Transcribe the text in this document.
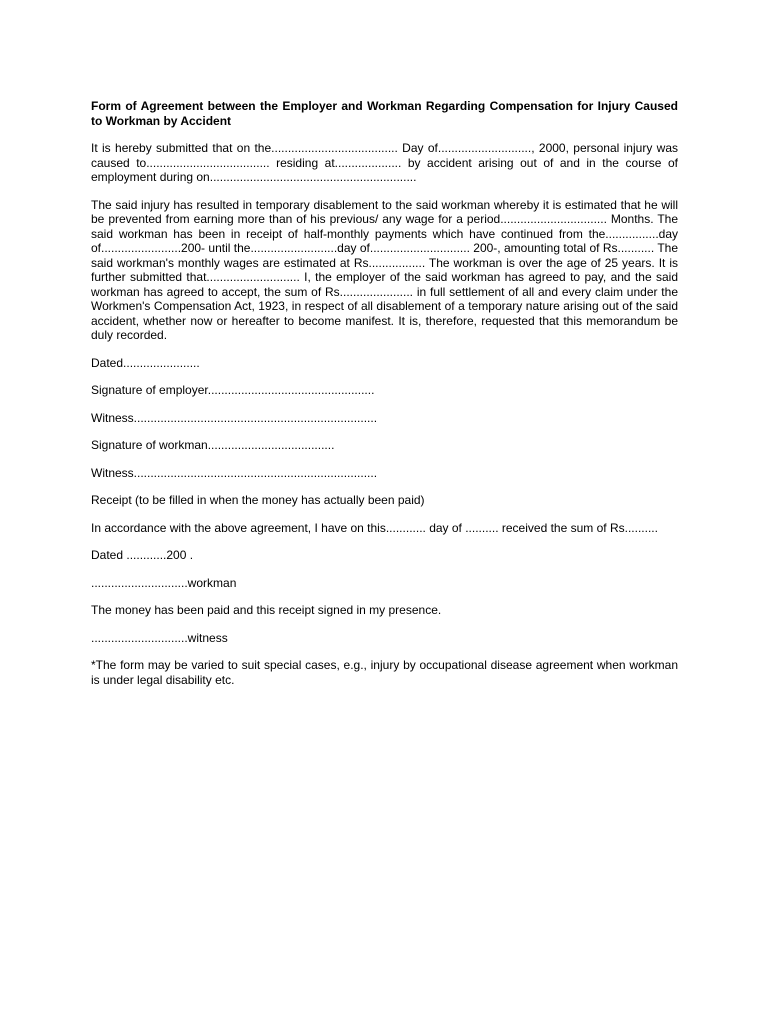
Form of Agreement between the Employer and Workman Regarding Compensation for Injury Caused to Workman by Accident

It is hereby submitted that on the...................................... Day of............................, 2000, personal injury was caused to..................................... residing at.................... by accident arising out of and in the course of employment during on..............................................................

The said injury has resulted in temporary disablement to the said workman whereby it is estimated that he will be prevented from earning more than of his previous/ any wage for a period................................ Months. The said workman has been in receipt of half-monthly payments which have continued from the................day of........................200- until the..........................day of.............................. 200-, amounting total of Rs........... The said workman's monthly wages are estimated at Rs................. The workman is over the age of 25 years. It is further submitted that............................ I, the employer of the said workman has agreed to pay, and the said workman has agreed to accept, the sum of Rs...................... in full settlement of all and every claim under the Workmen's Compensation Act, 1923, in respect of all disablement of a temporary nature arising out of the said accident, whether now or hereafter to become manifest. It is, therefore, requested that this memorandum be duly recorded.

Dated.......................
Signature of employer..................................................
Witness.........................................................................
Signature of workman......................................
Witness.........................................................................
Receipt (to be filled in when the money has actually been paid)

In accordance with the above agreement, I have on this............ day of .......... received the sum of Rs..........

Dated ............200 .
.............................workman
The money has been paid and this receipt signed in my presence.
.............................witness

*The form may be varied to suit special cases, e.g., injury by occupational disease agreement when workman is under legal disability etc.
